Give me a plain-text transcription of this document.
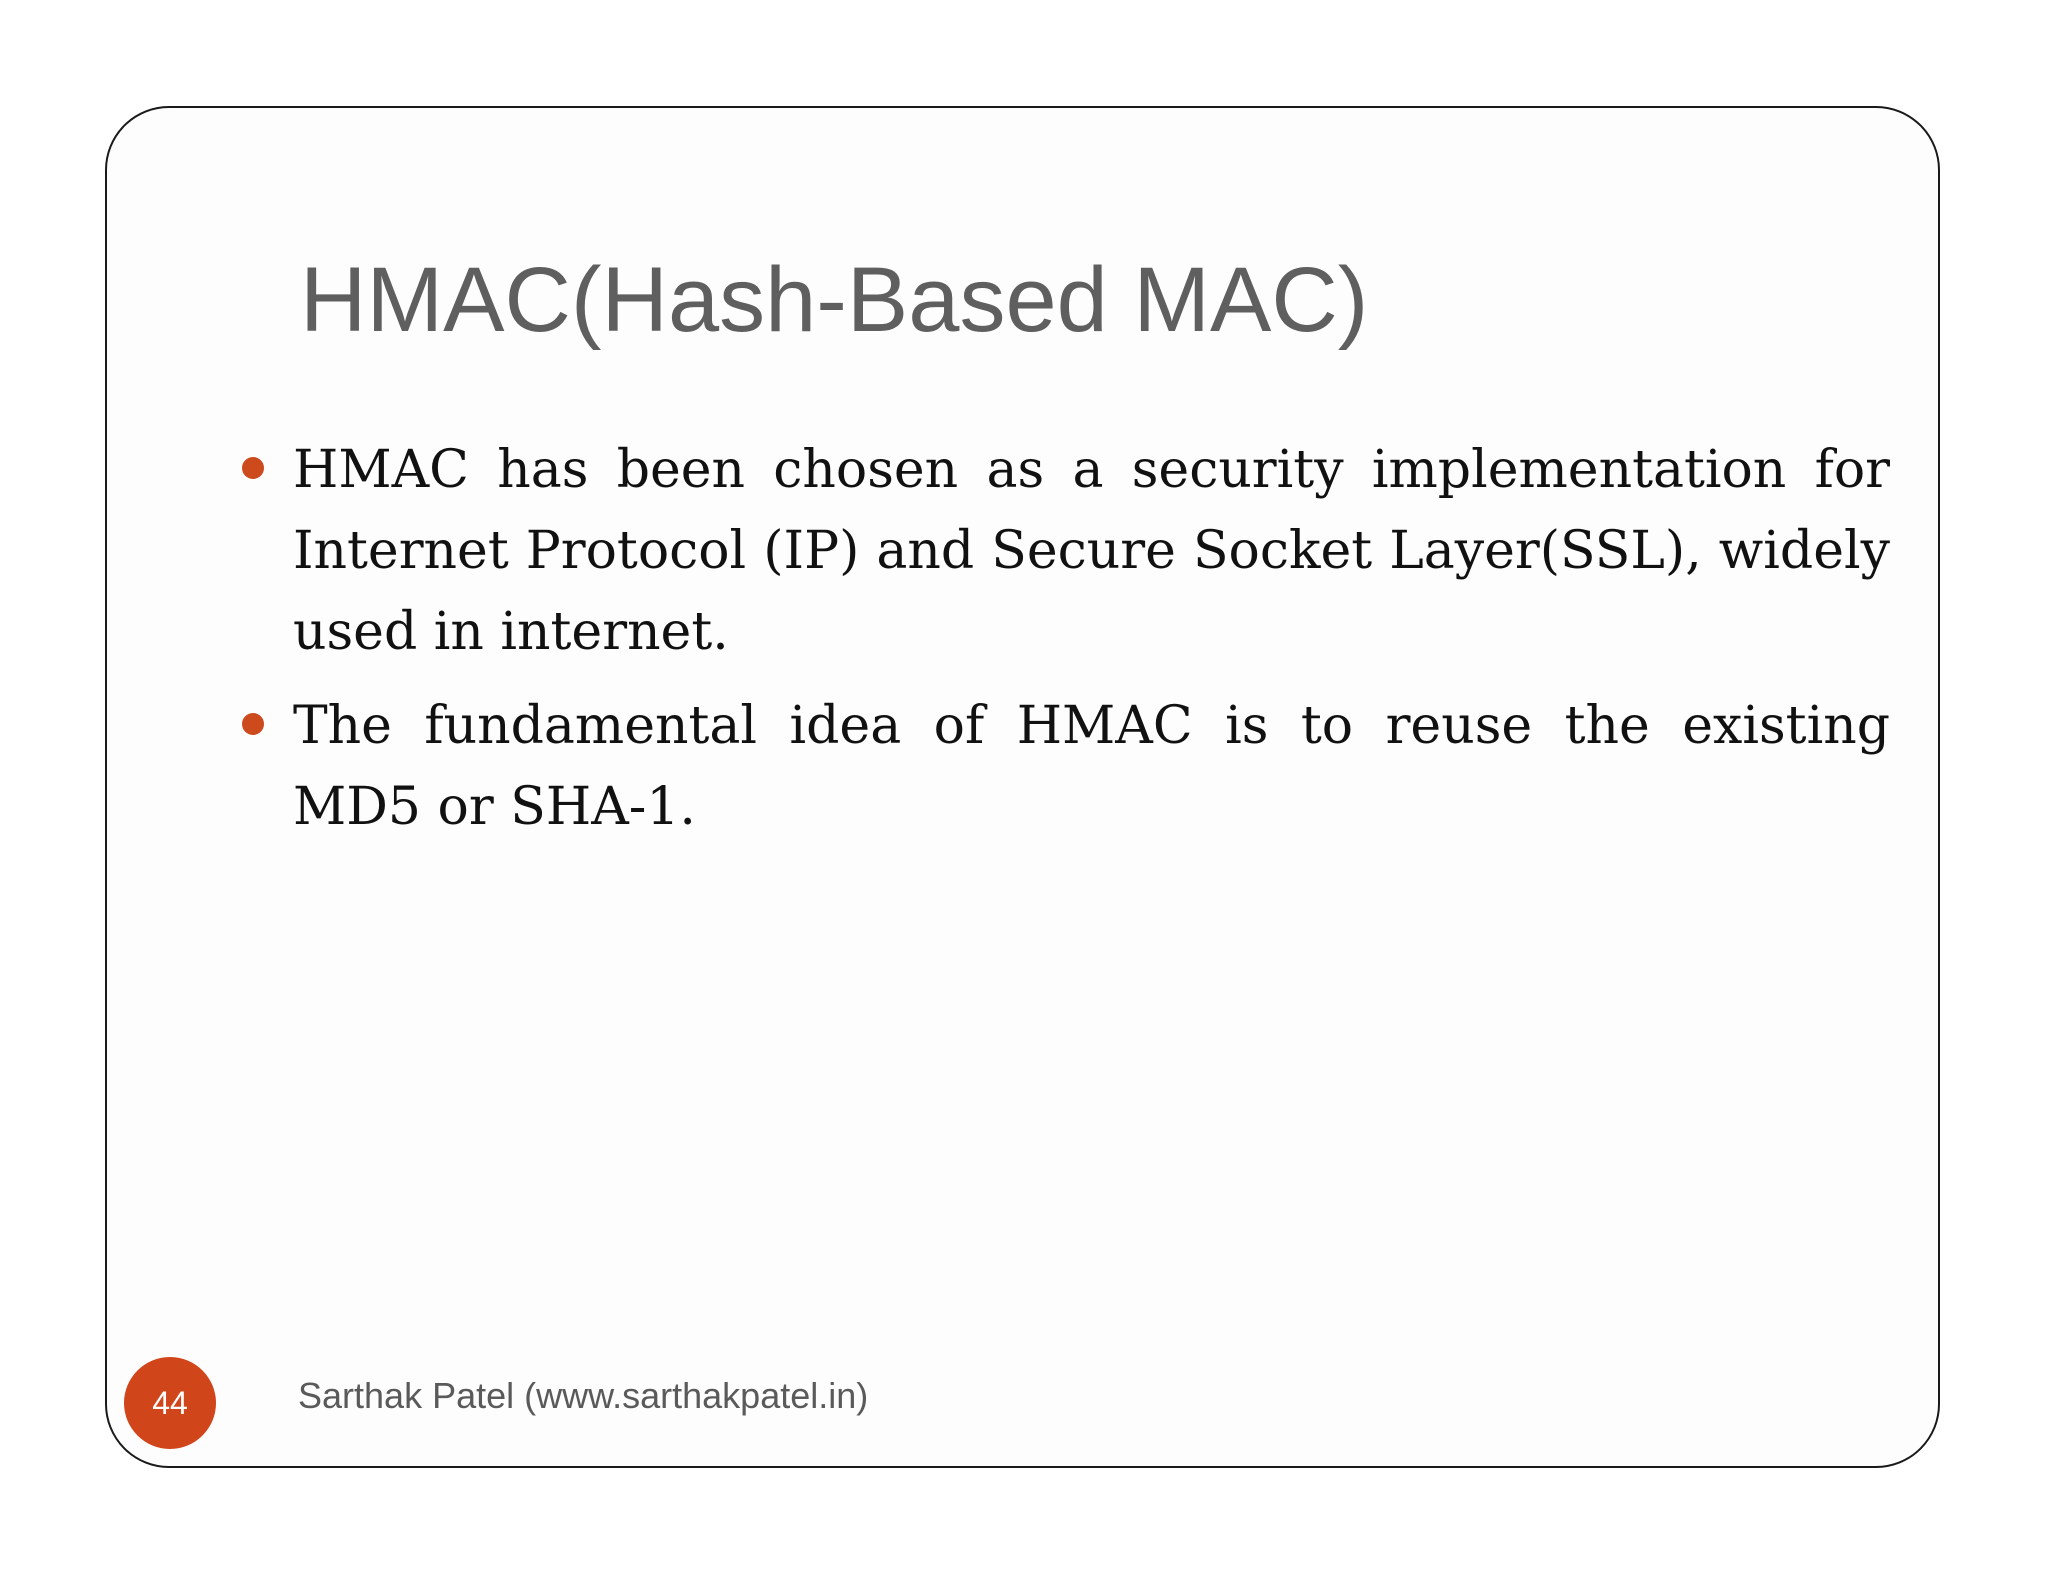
HMAC(Hash-Based MAC)
HMAC has been chosen as a security implementation for Internet Protocol (IP) and Secure Socket Layer(SSL), widely used in internet.
The fundamental idea of HMAC is to reuse the existing MD5 or SHA-1.
44	Sarthak Patel (www.sarthakpatel.in)
